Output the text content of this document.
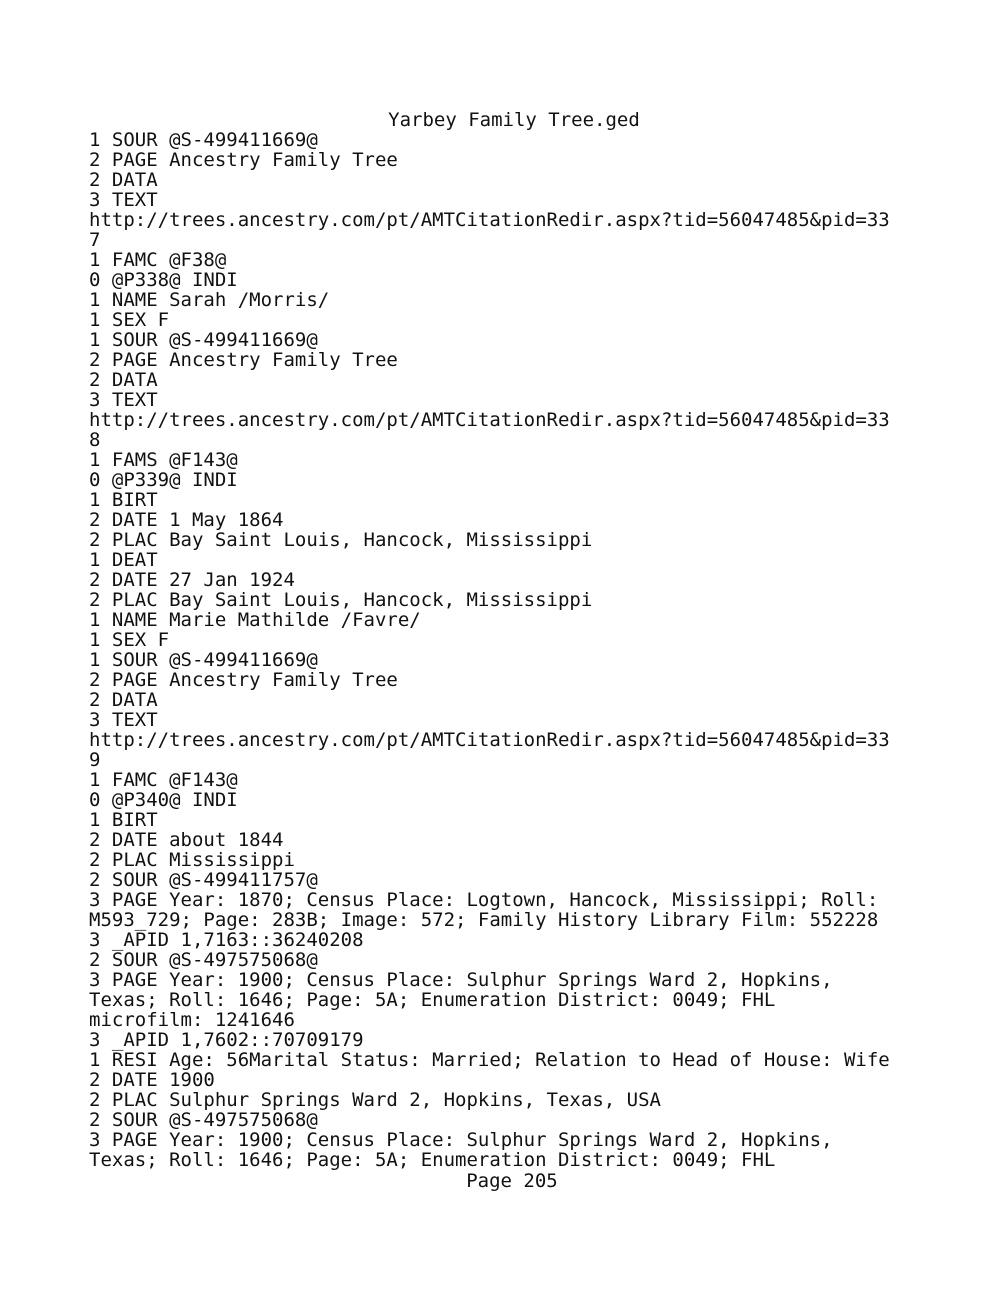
Yarbey Family Tree.ged
1 SOUR @S-499411669@
2 PAGE Ancestry Family Tree
2 DATA
3 TEXT
http://trees.ancestry.com/pt/AMTCitationRedir.aspx?tid=56047485&pid=33
7
1 FAMC @F38@
0 @P338@ INDI
1 NAME Sarah /Morris/
1 SEX F
1 SOUR @S-499411669@
2 PAGE Ancestry Family Tree
2 DATA
3 TEXT
http://trees.ancestry.com/pt/AMTCitationRedir.aspx?tid=56047485&pid=33
8
1 FAMS @F143@
0 @P339@ INDI
1 BIRT
2 DATE 1 May 1864
2 PLAC Bay Saint Louis, Hancock, Mississippi
1 DEAT
2 DATE 27 Jan 1924
2 PLAC Bay Saint Louis, Hancock, Mississippi
1 NAME Marie Mathilde /Favre/
1 SEX F
1 SOUR @S-499411669@
2 PAGE Ancestry Family Tree
2 DATA
3 TEXT
http://trees.ancestry.com/pt/AMTCitationRedir.aspx?tid=56047485&pid=33
9
1 FAMC @F143@
0 @P340@ INDI
1 BIRT
2 DATE about 1844
2 PLAC Mississippi
2 SOUR @S-499411757@
3 PAGE Year: 1870; Census Place: Logtown, Hancock, Mississippi; Roll:
M593_729; Page: 283B; Image: 572; Family History Library Film: 552228
3 _APID 1,7163::36240208
2 SOUR @S-497575068@
3 PAGE Year: 1900; Census Place: Sulphur Springs Ward 2, Hopkins,
Texas; Roll: 1646; Page: 5A; Enumeration District: 0049; FHL
microfilm: 1241646
3 _APID 1,7602::70709179
1 RESI Age: 56Marital Status: Married; Relation to Head of House: Wife
2 DATE 1900
2 PLAC Sulphur Springs Ward 2, Hopkins, Texas, USA
2 SOUR @S-497575068@
3 PAGE Year: 1900; Census Place: Sulphur Springs Ward 2, Hopkins,
Texas; Roll: 1646; Page: 5A; Enumeration District: 0049; FHL
Page 205
